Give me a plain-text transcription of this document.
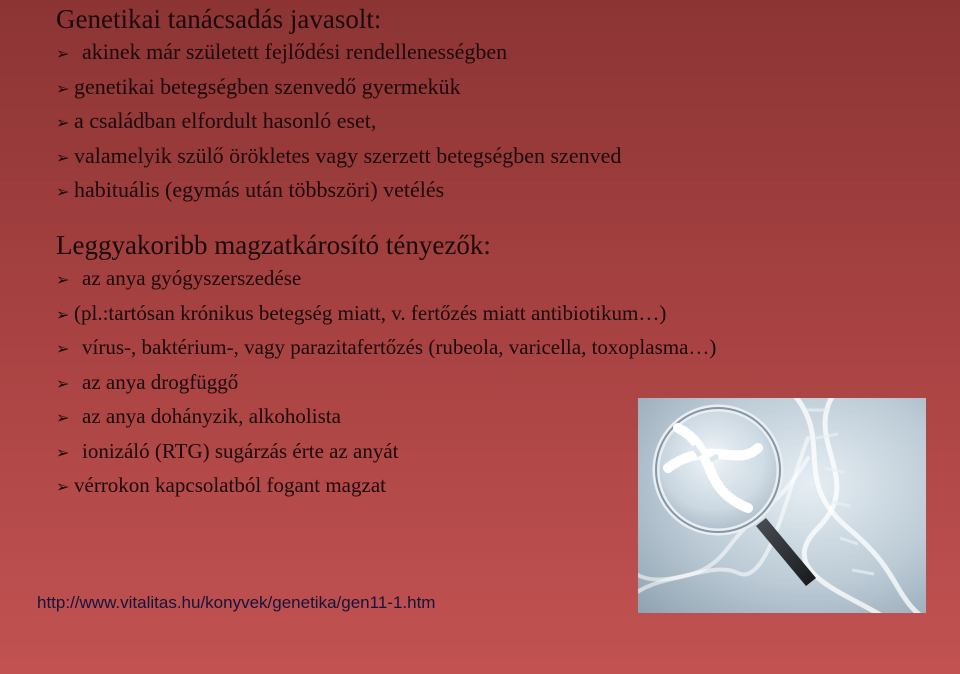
Genetikai tanácsadás javasolt:
➢ akinek már született fejlődési rendellenességben
➢ genetikai betegségben szenvedő gyermekük
➢ a családban elfordult hasonló eset,
➢ valamelyik szülő örökletes vagy szerzett betegségben szenved
➢ habituális (egymás után többszöri) vetélés
Leggyakoribb magzatkárosító tényezők:
➢ az anya gyógyszerszedése
➢ (pl.:tartósan krónikus betegség miatt, v. fertőzés miatt antibiotikum…)
➢ vírus-, baktérium-, vagy parazitafertőzés (rubeola, varicella, toxoplasma…)
➢ az anya drogfüggő
➢ az anya dohányzik, alkoholista
➢ ionizáló (RTG) sugárzás érte az anyát
➢ vérrokon kapcsolatból fogant magzat
http://www.vitalitas.hu/konyvek/genetika/gen11-1.htm
